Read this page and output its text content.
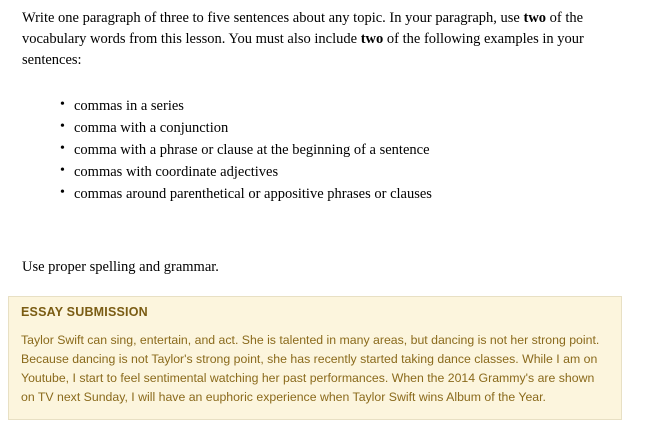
Write one paragraph of three to five sentences about any topic. In your paragraph, use two of the vocabulary words from this lesson. You must also include two of the following examples in your sentences:

• commas in a series
• comma with a conjunction
• comma with a phrase or clause at the beginning of a sentence
• commas with coordinate adjectives
• commas around parenthetical or appositive phrases or clauses

Use proper spelling and grammar.

ESSAY SUBMISSION
Taylor Swift can sing, entertain, and act. She is talented in many areas, but dancing is not her strong point. Because dancing is not Taylor's strong point, she has recently started taking dance classes. While I am on Youtube, I start to feel sentimental watching her past performances. When the 2014 Grammy's are shown on TV next Sunday, I will have an euphoric experience when Taylor Swift wins Album of the Year.
